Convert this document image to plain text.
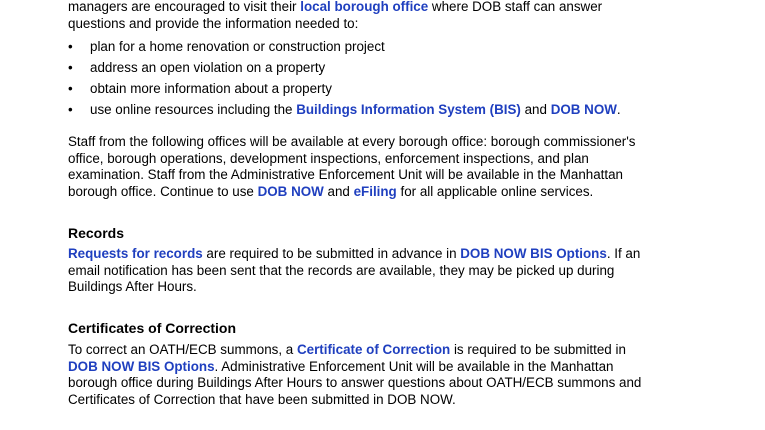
managers are encouraged to visit their local borough office where DOB staff can answer

questions and provide the information needed to:

• plan for a home renovation or construction project
• address an open violation on a property
• obtain more information about a property
• use online resources including the Buildings Information System (BIS) and DOB NOW.

Staff from the following offices will be available at every borough office: borough commissioner's

office, borough operations, development inspections, enforcement inspections, and plan

examination. Staff from the Administrative Enforcement Unit will be available in the Manhattan

borough office. Continue to use DOB NOW and eFiling for all applicable online services.

Records

Requests for records are required to be submitted in advance in DOB NOW BIS Options. If an

email notification has been sent that the records are available, they may be picked up during

Buildings After Hours.

Certificates of Correction

To correct an OATH/ECB summons, a Certificate of Correction is required to be submitted in

DOB NOW BIS Options. Administrative Enforcement Unit will be available in the Manhattan

borough office during Buildings After Hours to answer questions about OATH/ECB summons and

Certificates of Correction that have been submitted in DOB NOW.
